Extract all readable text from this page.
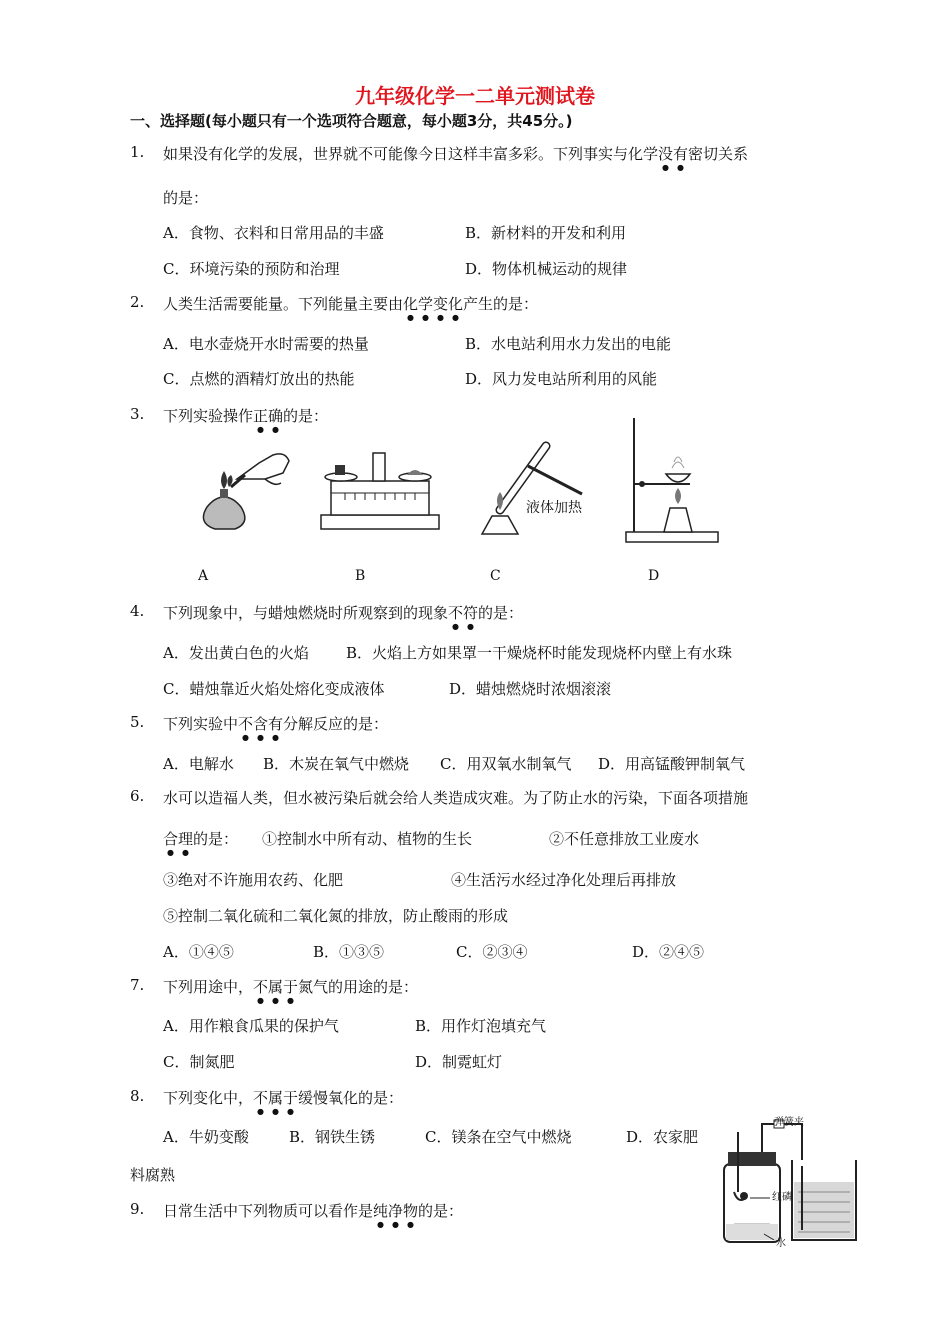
九年级化学一二单元测试卷
一、选择题(每小题只有一个选项符合题意，每小题3分，共45分。)
1. 如果没有化学的发展，世界就不可能像今日这样丰富多彩。下列事实与化学没有密切关系
的是：
A．食物、衣料和日常用品的丰盛	B．新材料的开发和利用
C．环境污染的预防和治理	D．物体机械运动的规律
2. 人类生活需要能量。下列能量主要由化学变化产生的是：
A．电水壶烧开水时需要的热量	B．水电站利用水力发出的电能
C．点燃的酒精灯放出的热能	D．风力发电站所利用的风能
3. 下列实验操作正确的是：
液体加热
A	B	C	D
4. 下列现象中，与蜡烛燃烧时所观察到的现象不符的是：
A．发出黄白色的火焰 B．火焰上方如果罩一干燥烧杯时能发现烧杯内壁上有水珠
C．蜡烛靠近火焰处熔化变成液体	D．蜡烛燃烧时浓烟滚滚
5. 下列实验中不含有分解反应的是：
A．电解水 B．木炭在氧气中燃烧 C．用双氧水制氧气 D．用高锰酸钾制氧气
6. 水可以造福人类，但水被污染后就会给人类造成灾难。为了防止水的污染，下面各项措施
合理的是： ①控制水中所有动、植物的生长	②不任意排放工业废水
③绝对不许施用农药、化肥	④生活污水经过净化处理后再排放
⑤控制二氧化硫和二氧化氮的排放，防止酸雨的形成
A．①④⑤	B．①③⑤	C．②③④	D．②④⑤
7. 下列用途中，不属于氮气的用途的是：
A．用作粮食瓜果的保护气	B．用作灯泡填充气
C．制氮肥	D．制霓虹灯
8. 下列变化中，不属于缓慢氧化的是：
A．牛奶变酸	B．钢铁生锈	C．镁条在空气中燃烧	D．农家肥
料腐熟
9. 日常生活中下列物质可以看作是纯净物的是：
弹簧夹
红磷
水
